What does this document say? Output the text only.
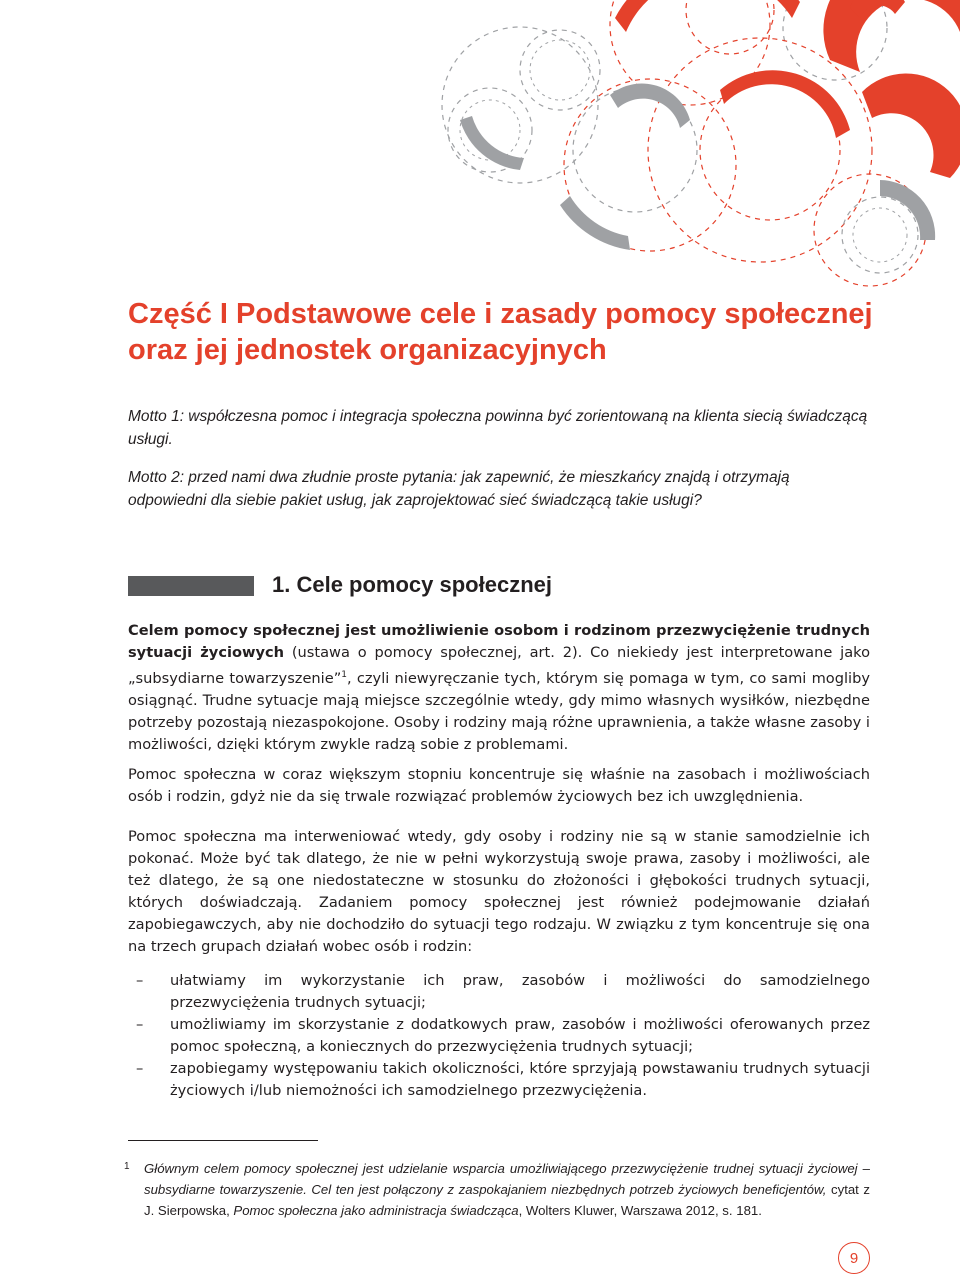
Część I Podstawowe cele i zasady pomocy społecznej
oraz jej jednostek organizacyjnych

Motto 1: współczesna pomoc i integracja społeczna powinna być zorientowaną na klienta siecią świadczącą usługi.

Motto 2: przed nami dwa złudnie proste pytania: jak zapewnić, że mieszkańcy znajdą i otrzymają odpowiedni dla siebie pakiet usług, jak zaprojektować sieć świadczącą takie usługi?

1. Cele pomocy społecznej

Celem pomocy społecznej jest umożliwienie osobom i rodzinom przezwyciężenie trudnych sytuacji życiowych (ustawa o pomocy społecznej, art. 2). Co niekiedy jest interpretowane jako „subsydiarne towarzyszenie”$^1$, czyli niewyręczanie tych, którym się pomaga w tym, co sami mogliby osiągnąć. Trudne sytuacje mają miejsce szczególnie wtedy, gdy mimo własnych wysiłków, niezbędne potrzeby pozostają niezaspokojone. Osoby i rodziny mają różne uprawnienia, a także własne zasoby i możliwości, dzięki którym zwykle radzą sobie z problemami.

Pomoc społeczna w coraz większym stopniu koncentruje się właśnie na zasobach i możliwościach osób i rodzin, gdyż nie da się trwale rozwiązać problemów życiowych bez ich uwzględnienia.

Pomoc społeczna ma interweniować wtedy, gdy osoby i rodziny nie są w stanie samodzielnie ich pokonać. Może być tak dlatego, że nie w pełni wykorzystują swoje prawa, zasoby i możliwości, ale też dlatego, że są one niedostateczne w stosunku do złożoności i głębokości trudnych sytuacji, których doświadczają. Zadaniem pomocy społecznej jest również podejmowanie działań zapobiegawczych, aby nie dochodziło do sytuacji tego rodzaju. W związku z tym koncentruje się ona na trzech grupach działań wobec osób i rodzin:

– ułatwiamy im wykorzystanie ich praw, zasobów i możliwości do samodzielnego przezwyciężenia trudnych sytuacji;
– umożliwiamy im skorzystanie z dodatkowych praw, zasobów i możliwości oferowanych przez pomoc społeczną, a koniecznych do przezwyciężenia trudnych sytuacji;
– zapobiegamy występowaniu takich okoliczności, które sprzyjają powstawaniu trudnych sytuacji życiowych i/lub niemożności ich samodzielnego przezwyciężenia.

1	Głównym celem pomocy społecznej jest udzielanie wsparcia umożliwiającego przezwyciężenie trudnej sytuacji życiowej – subsydiarne towarzyszenie. Cel ten jest połączony z zaspokajaniem niezbędnych potrzeb życiowych beneficjentów, cytat z J. Sierpowska, Pomoc społeczna jako administracja świadcząca, Wolters Kluwer, Warszawa 2012, s. 181.

9
